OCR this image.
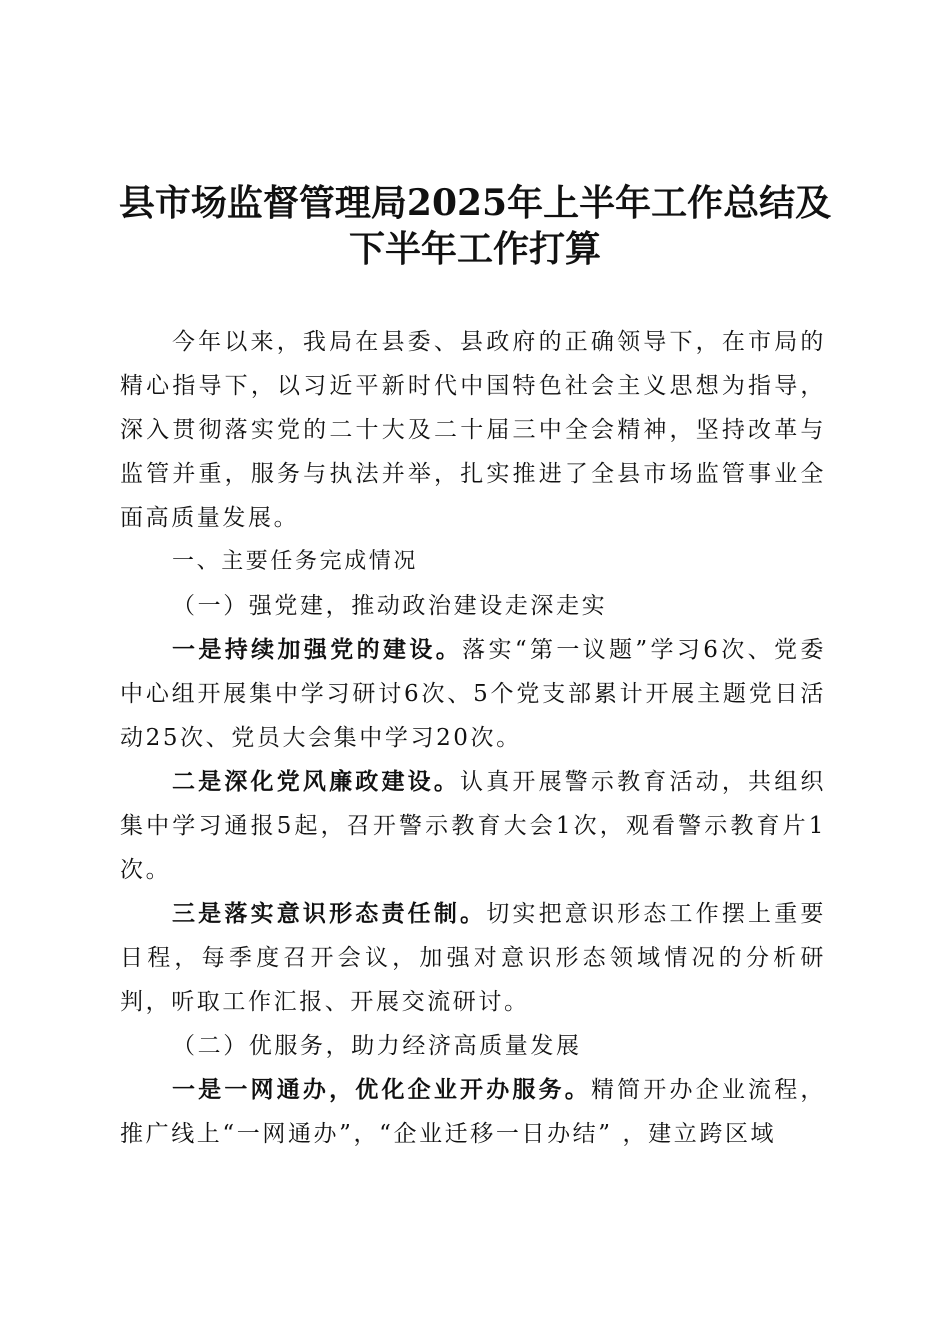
县市场监督管理局2025年上半年工作总结及
下半年工作打算

今年以来，我局在县委、县政府的正确领导下，在市局的精心指导下，以习近平新时代中国特色社会主义思想为指导，深入贯彻落实党的二十大及二十届三中全会精神，坚持改革与监管并重，服务与执法并举，扎实推进了全县市场监管事业全面高质量发展。

一、主要任务完成情况

（一）强党建，推动政治建设走深走实

一是持续加强党的建设。落实“第一议题”学习6次、党委中心组开展集中学习研讨6次、5个党支部累计开展主题党日活动25次、党员大会集中学习20次。

二是深化党风廉政建设。认真开展警示教育活动，共组织集中学习通报5起，召开警示教育大会1次，观看警示教育片1次。

三是落实意识形态责任制。切实把意识形态工作摆上重要日程，每季度召开会议，加强对意识形态领域情况的分析研判，听取工作汇报、开展交流研讨。

（二）优服务，助力经济高质量发展

一是一网通办，优化企业开办服务。精简开办企业流程，推广线上“一网通办”，“企业迁移一日办结” ，建立跨区域
